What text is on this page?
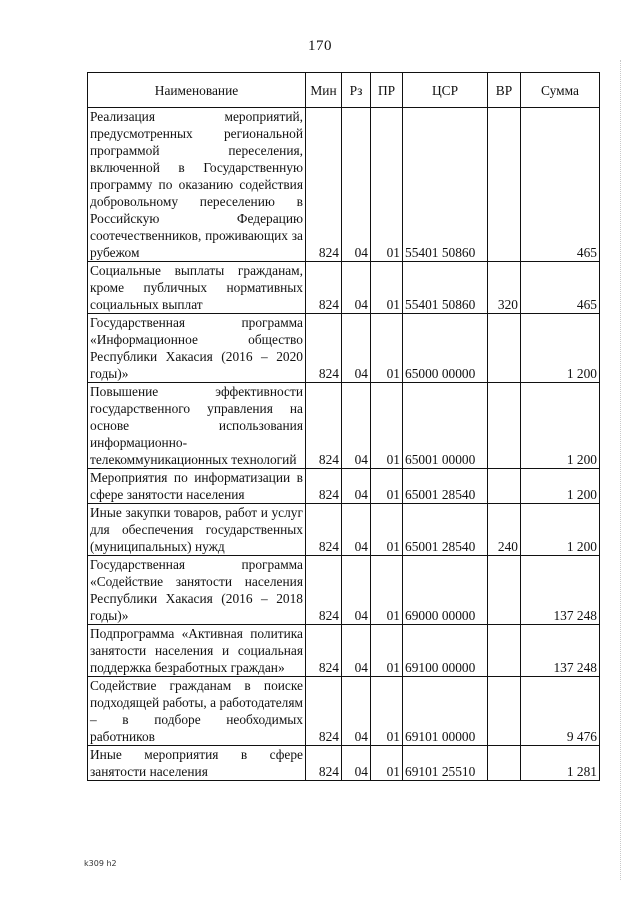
170
Наименование	Мин	Рз	ПР	ЦСР	ВР	Сумма
Реализация мероприятий, предусмотренных региональной программой переселения, включенной в Государственную программу по оказанию содействия добровольному переселению в Российскую Федерацию соотечественников, проживающих за рубежом	824	04	01	55401 50860		465
Социальные выплаты гражданам, кроме публичных нормативных социальных выплат	824	04	01	55401 50860	320	465
Государственная программа «Информационное общество Республики Хакасия (2016 – 2020 годы)»	824	04	01	65000 00000		1 200
Повышение эффективности государственного управления на основе использования информационно-телекоммуникационных технологий	824	04	01	65001 00000		1 200
Мероприятия по информатизации в сфере занятости населения	824	04	01	65001 28540		1 200
Иные закупки товаров, работ и услуг для обеспечения государственных (муниципальных) нужд	824	04	01	65001 28540	240	1 200
Государственная программа «Содействие занятости населения Республики Хакасия (2016 – 2018 годы)»	824	04	01	69000 00000		137 248
Подпрограмма «Активная политика занятости населения и социальная поддержка безработных граждан»	824	04	01	69100 00000		137 248
Содействие гражданам в поиске подходящей работы, а работодателям – в подборе необходимых работников	824	04	01	69101 00000		9 476
Иные мероприятия в сфере занятости населения	824	04	01	69101 25510		1 281
k309 h2
